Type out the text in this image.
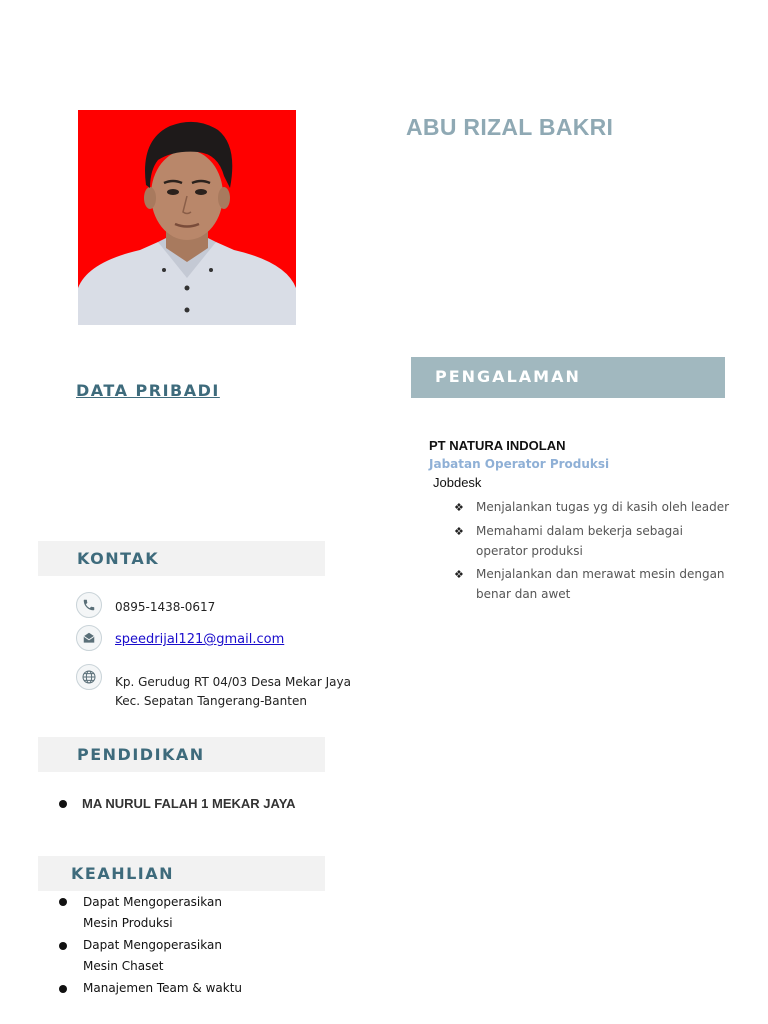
ABU RIZAL BAKRI
DATA PRIBADI
KONTAK
0895-1438-0617
speedrijal121@gmail.com
Kp. Gerudug RT 04/03 Desa Mekar Jaya
Kec. Sepatan Tangerang-Banten
PENDIDIKAN
MA NURUL FALAH 1 MEKAR JAYA
KEAHLIAN
Dapat Mengoperasikan
Mesin Produksi
Dapat Mengoperasikan
Mesin Chaset
Manajemen Team & waktu
PENGALAMAN
PT NATURA INDOLAN
Jabatan Operator Produksi
Jobdesk
❖ Menjalankan tugas yg di kasih oleh leader
❖ Memahami dalam bekerja sebagai operator produksi
❖ Menjalankan dan merawat mesin dengan benar dan awet
